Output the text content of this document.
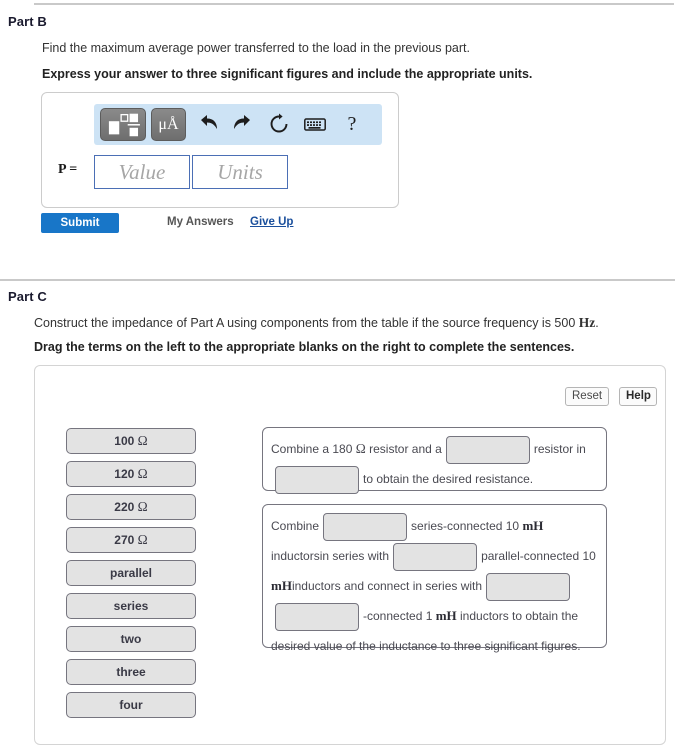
Part B
Find the maximum average power transferred to the load in the previous part.
Express your answer to three significant figures and include the appropriate units.
μÅ	?
P =	Value	Units
Submit	My Answers Give Up
Part C
Construct the impedance of Part A using components from the table if the source frequency is 500 Hz.
Drag the terms on the left to the appropriate blanks on the right to complete the sentences.
Reset	Help
100 Ω
120 Ω
220 Ω
270 Ω
parallel
series
two
three
four
Combine a 180 Ω resistor and a	resistor into obtain the desired resistance.
Combine	series-connected 10 mH inductorsin series with	parallel-connected 10 mHinductors and connect in series with-connected 1 mH inductors to obtain the desired value of the inductance to three significant figures.
